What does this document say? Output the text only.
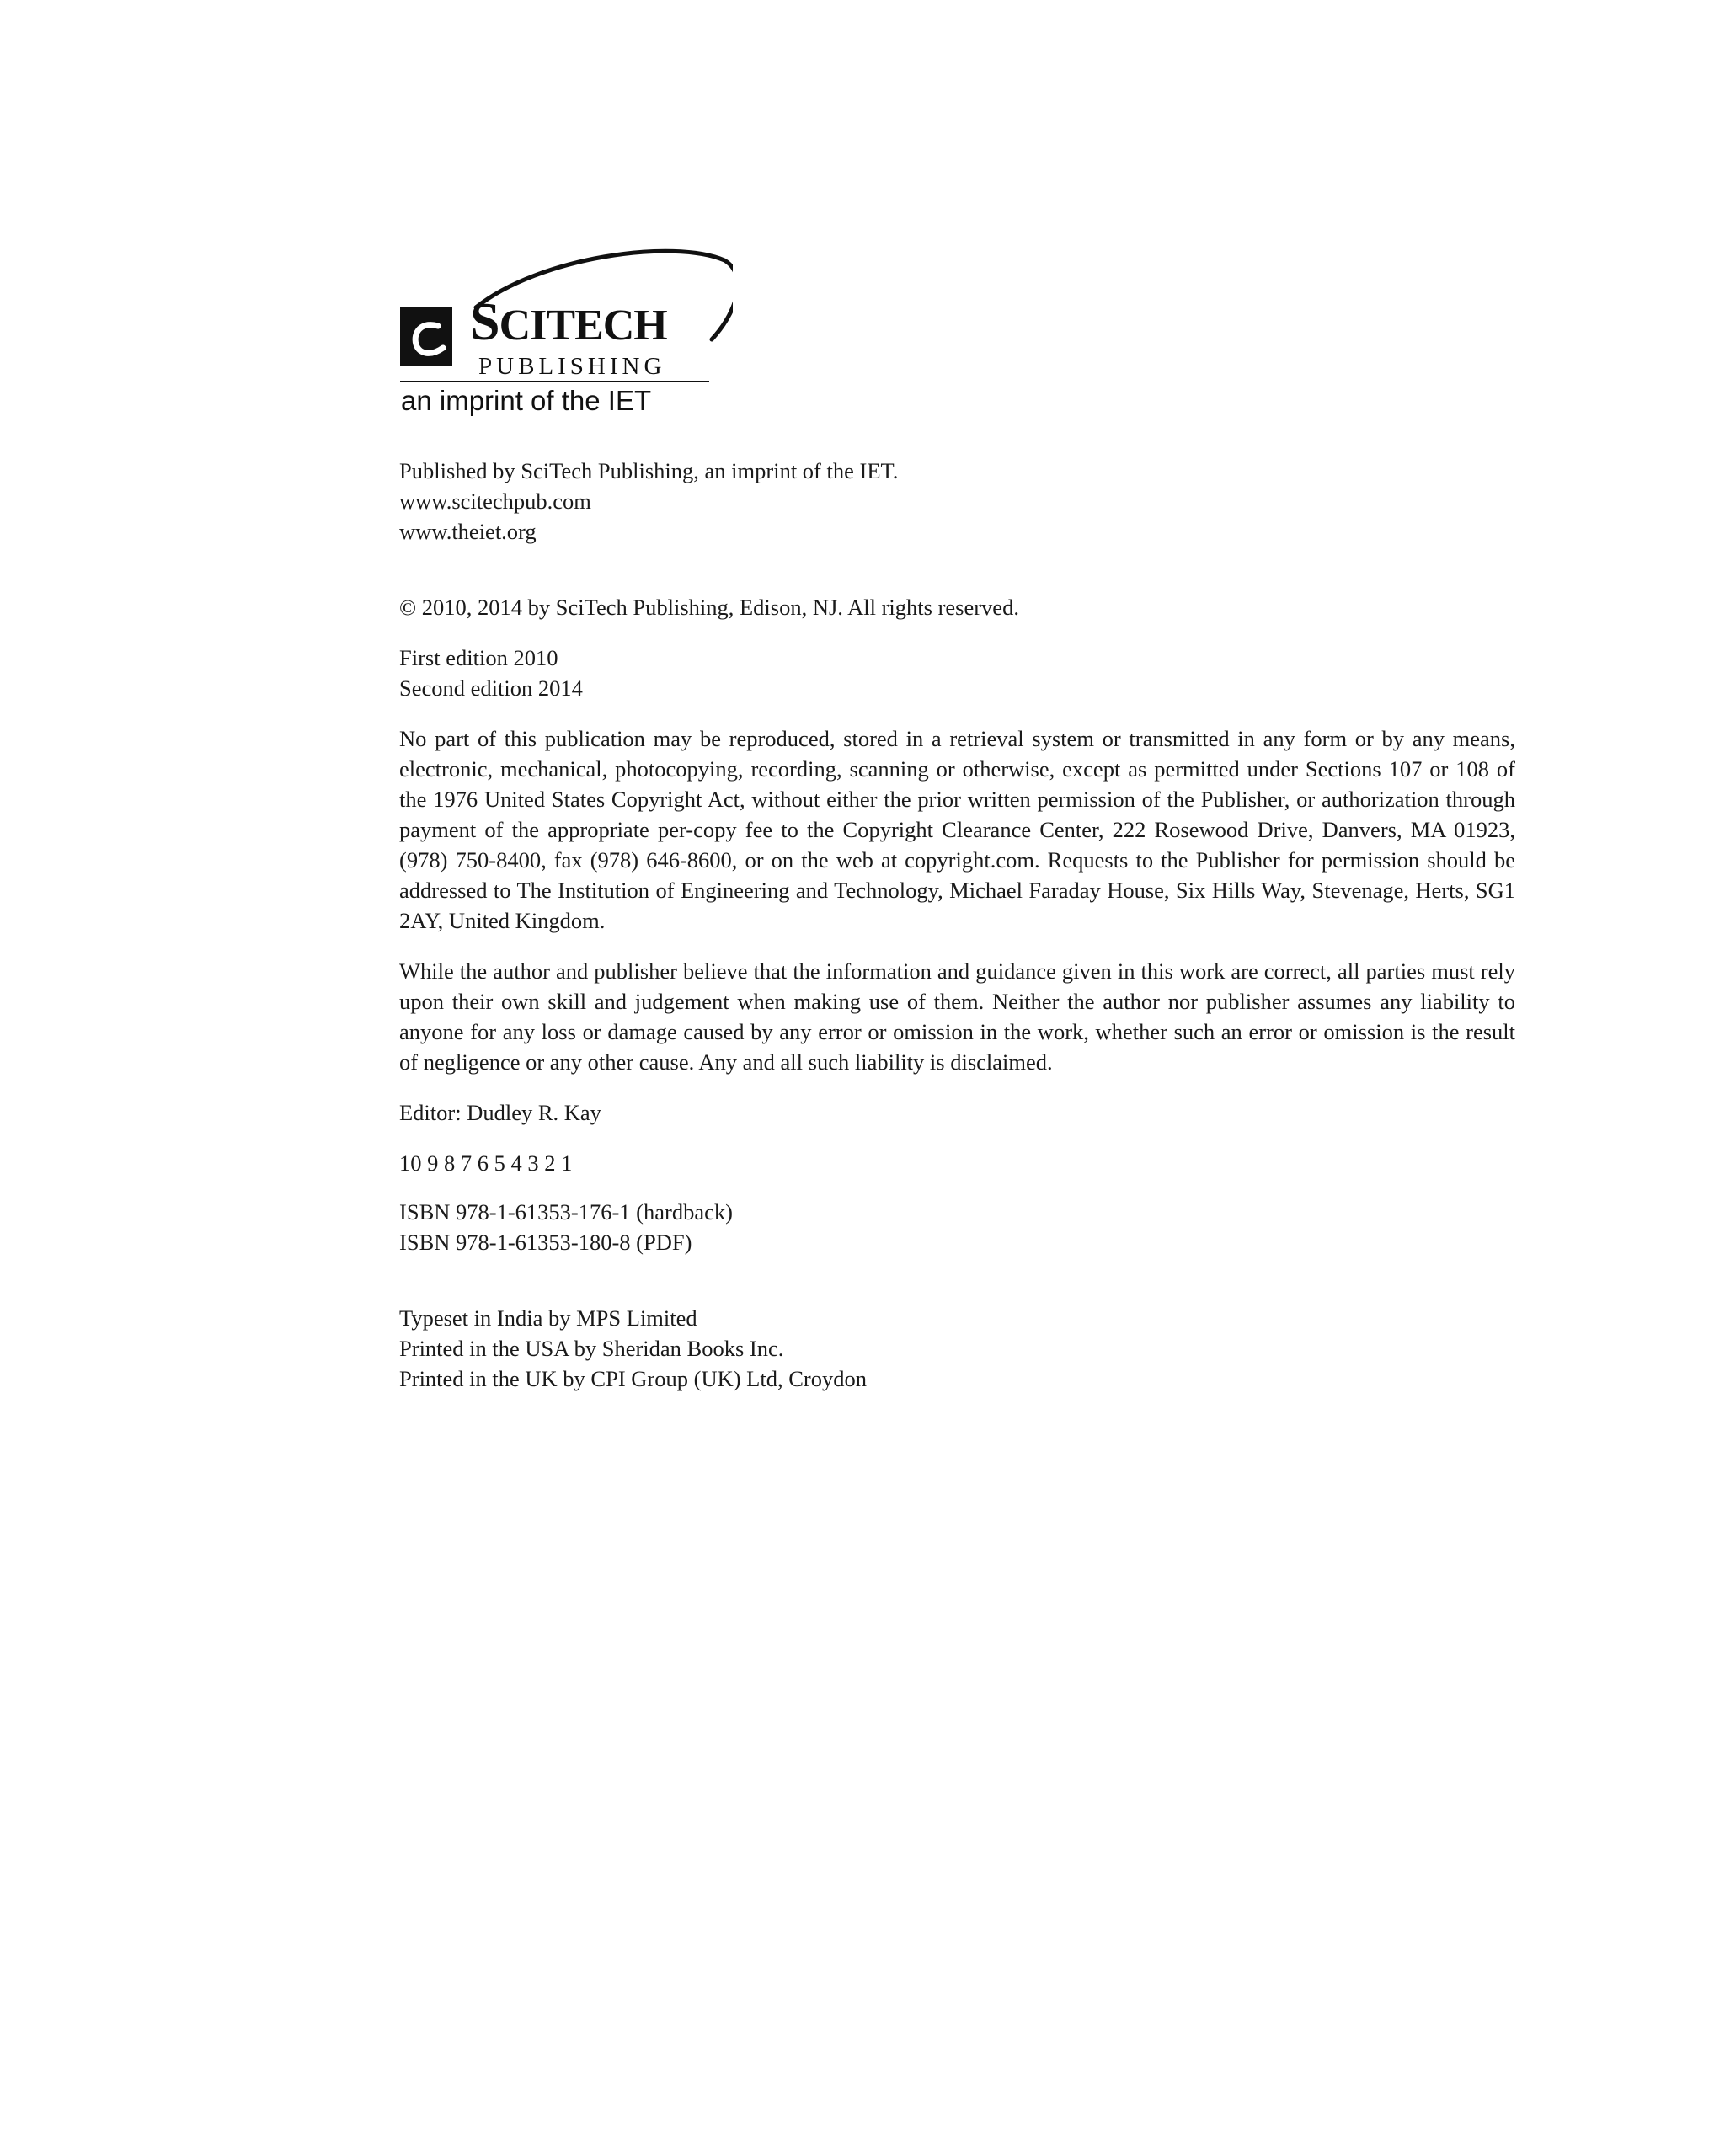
SCITECH
PUBLISHING
an imprint of the IET
Published by SciTech Publishing, an imprint of the IET.
www.scitechpub.com
www.theiet.org
© 2010, 2014 by SciTech Publishing, Edison, NJ. All rights reserved.
First edition 2010
Second edition 2014

No part of this publication may be reproduced, stored in a retrieval system or transmitted in any form or by any means, electronic, mechanical, photocopying, recording, scanning or otherwise, except as permitted under Sections 107 or 108 of the 1976 United States Copyright Act, without either the prior written permission of the Publisher, or authorization through payment of the appropriate per-copy fee to the Copyright Clearance Center, 222 Rosewood Drive, Danvers, MA 01923, (978) 750-8400, fax (978) 646-8600, or on the web at copyright.com. Requests to the Publisher for permission should be addressed to The Institution of Engineering and Technology, Michael Faraday House, Six Hills Way, Stevenage, Herts, SG1 2AY, United Kingdom.

While the author and publisher believe that the information and guidance given in this work are correct, all parties must rely upon their own skill and judgement when making use of them. Neither the author nor publisher assumes any liability to anyone for any loss or damage caused by any error or omission in the work, whether such an error or omission is the result of negligence or any other cause. Any and all such liability is disclaimed.

Editor: Dudley R. Kay
10 9 8 7 6 5 4 3 2 1
ISBN 978-1-61353-176-1 (hardback)
ISBN 978-1-61353-180-8 (PDF)
Typeset in India by MPS Limited
Printed in the USA by Sheridan Books Inc.
Printed in the UK by CPI Group (UK) Ltd, Croydon
